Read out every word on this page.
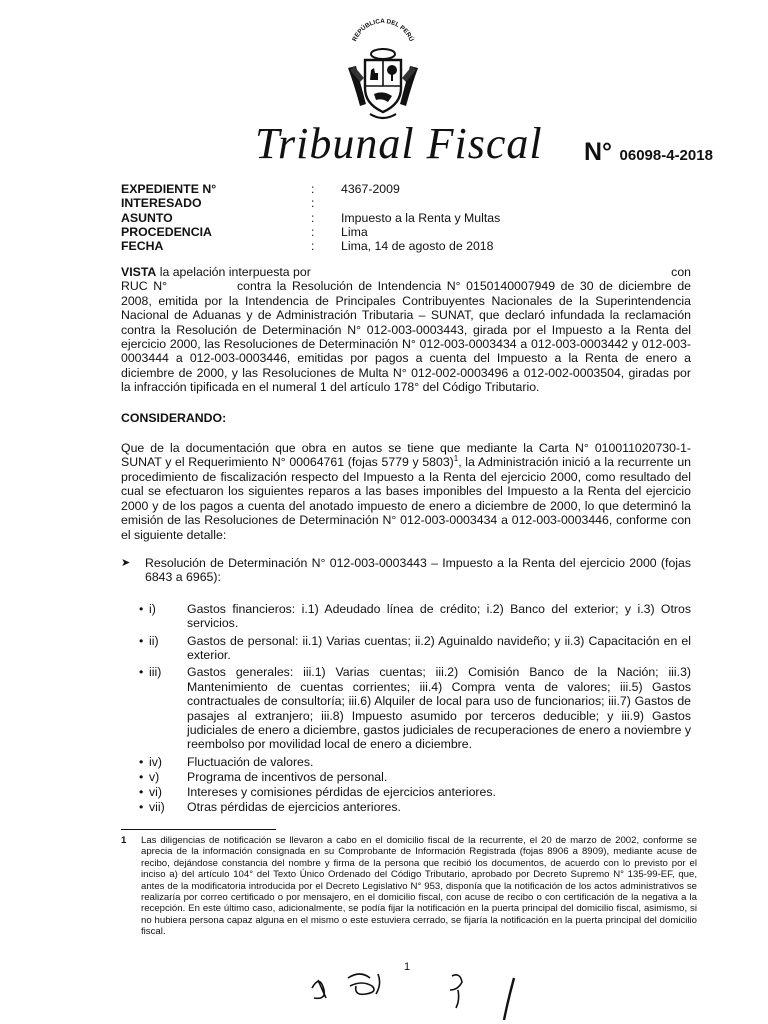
REPÚBLICA DEL PERÚ
Tribunal Fiscal N° 06098-4-2018
EXPEDIENTE N°	:	4367-2009
INTERESADO	:
ASUNTO	:	Impuesto a la Renta y Multas
PROCEDENCIA	:	Lima
FECHA	:	Lima, 14 de agosto de 2018
VISTA la apelación interpuesta por	con
RUC N°	contra la Resolución de Intendencia N° 0150140007949 de 30 de diciembre de 2008, emitida por la Intendencia de Principales Contribuyentes Nacionales de la Superintendencia Nacional de Aduanas y de Administración Tributaria – SUNAT, que declaró infundada la reclamación contra la Resolución de Determinación N° 012-003-0003443, girada por el Impuesto a la Renta del ejercicio 2000, las Resoluciones de Determinación N° 012-003-0003434 a 012-003-0003442 y 012-003-0003444 a 012-003-0003446, emitidas por pagos a cuenta del Impuesto a la Renta de enero a diciembre de 2000, y las Resoluciones de Multa N° 012-002-0003496 a 012-002-0003504, giradas por la infracción tipificada en el numeral 1 del artículo 178° del Código Tributario.
CONSIDERANDO:
Que de la documentación que obra en autos se tiene que mediante la Carta N° 010011020730-1-SUNAT y el Requerimiento N° 00064761 (fojas 5779 y 5803)$^1$, la Administración inició a la recurrente un procedimiento de fiscalización respecto del Impuesto a la Renta del ejercicio 2000, como resultado del cual se efectuaron los siguientes reparos a las bases imponibles del Impuesto a la Renta del ejercicio 2000 y de los pagos a cuenta del anotado impuesto de enero a diciembre de 2000, lo que determinó la emisión de las Resoluciones de Determinación N° 012-003-0003434 a 012-003-0003446, conforme con el siguiente detalle:
➤	Resolución de Determinación N° 012-003-0003443 – Impuesto a la Renta del ejercicio 2000 (fojas 6843 a 6965):
• i)	Gastos financieros: i.1) Adeudado línea de crédito; i.2) Banco del exterior; y i.3) Otros servicios.
• ii)	Gastos de personal: ii.1) Varias cuentas; ii.2) Aguinaldo navideño; y ii.3) Capacitación en el exterior.
• iii)	Gastos generales: iii.1) Varias cuentas; iii.2) Comisión Banco de la Nación; iii.3) Mantenimiento de cuentas corrientes; iii.4) Compra venta de valores; iii.5) Gastos contractuales de consultoría; iii.6) Alquiler de local para uso de funcionarios; iii.7) Gastos de pasajes al extranjero; iii.8) Impuesto asumido por terceros deducible; y iii.9) Gastos judiciales de enero a diciembre, gastos judiciales de recuperaciones de enero a noviembre y reembolso por movilidad local de enero a diciembre.
• iv)	Fluctuación de valores.
• v)	Programa de incentivos de personal.
• vi)	Intereses y comisiones pérdidas de ejercicios anteriores.
• vii)	Otras pérdidas de ejercicios anteriores.
1	Las diligencias de notificación se llevaron a cabo en el domicilio fiscal de la recurrente, el 20 de marzo de 2002, conforme se aprecia de la información consignada en su Comprobante de Información Registrada (fojas 8906 a 8909), mediante acuse de recibo, dejándose constancia del nombre y firma de la persona que recibió los documentos, de acuerdo con lo previsto por el inciso a) del artículo 104° del Texto Único Ordenado del Código Tributario, aprobado por Decreto Supremo N° 135-99-EF, que, antes de la modificatoria introducida por el Decreto Legislativo N° 953, disponía que la notificación de los actos administrativos se realizaría por correo certificado o por mensajero, en el domicilio fiscal, con acuse de recibo o con certificación de la negativa a la recepción. En este último caso, adicionalmente, se podía fijar la notificación en la puerta principal del domicilio fiscal, asimismo, si no hubiera persona capaz alguna en el mismo o este estuviera cerrado, se fijaría la notificación en la puerta principal del domicilio fiscal.
1
